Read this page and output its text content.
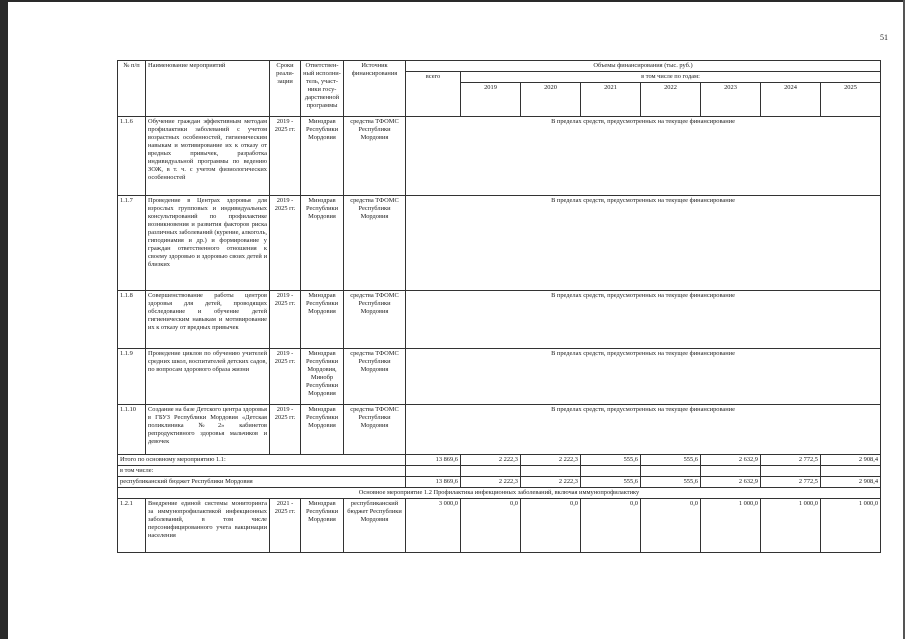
51
№ п/п	Наименование мероприятий	Сроки реали-зации	Ответствен-ный исполни-тель, участ-ники госу-дарственной программы	Источник финансирования	Объемы финансирования (тыс. руб.)							
					всего	в том числе по годам:						
						2019	2020	2021	2022	2023	2024	2025
1.1.6	Обучение граждан эффективным методам профилактики заболеваний с учетом возрастных особенностей, гигиеническим навыкам и мотивирование их к отказу от вредных привычек, разработка индивидуальной программы по ведению ЗОЖ, в т. ч. с учетом физиологических особенностей	2019 - 2025 гг.	Минздрав Республики Мордовия	средства ТФОМС Республики Мордовия	В пределах средств, предусмотренных на текущее финансирование							
1.1.7	Проведение в Центрах здоровья для взрослых групповых и индивидуальных консультирований по профилактике возникновения и развития факторов риска различных заболеваний (курение, алкоголь, гиподинамия и др.) и формирование у граждан ответственного отношения к своему здоровью и здоровью своих детей и близких	2019 - 2025 гг.	Минздрав Республики Мордовия	средства ТФОМС Республики Мордовия	В пределах средств, предусмотренных на текущее финансирование							
1.1.8	Совершенствование работы центров здоровья для детей, проводящих обследование и обучение детей гигиеническим навыкам и мотивирование их к отказу от вредных привычек	2019 - 2025 гг.	Минздрав Республики Мордовия	средства ТФОМС Республики Мордовия	В пределах средств, предусмотренных на текущее финансирование							
1.1.9	Проведение циклов по обучению учителей средних школ, воспитателей детских садов, по вопросам здорового образа жизни	2019 - 2025 гг.	Минздрав Республики Мордовия, Минобр Республики Мордовия	средства ТФОМС Республики Мордовия	В пределах средств, предусмотренных на текущее финансирование							
1.1.10	Создание на базе Детского центра здоровья в ГБУЗ Республики Мордовия «Детская поликлиника №2» кабинетов репродуктивного здоровья мальчиков и девочек	2019 - 2025 гг.	Минздрав Республики Мордовия	средства ТФОМС Республики Мордовия	В пределах средств, предусмотренных на текущее финансирование							
Итого по основному мероприятию 1.1:					13 869,6	2 222,3	2 222,3	555,6	555,6	2 632,9	2 772,5	2 908,4
в том числе:												
республиканский бюджет Республики Мордовия					13 869,6	2 222,3	2 222,3	555,6	555,6	2 632,9	2 772,5	2 908,4
Основное мероприятие 1.2 Профилактика инфекционных заболеваний, включая иммунопрофилактику												
1.2.1	Внедрение единой системы мониторинга за иммунопрофилактикой инфекционных заболеваний, в том числе персонифицированного учета вакцинации населения	2021 - 2025 гг.	Минздрав Республики Мордовия	республиканский бюджет Республики Мордовия	3 000,0	0,0	0,0	0,0	0,0	1 000,0	1 000,0	1 000,0
